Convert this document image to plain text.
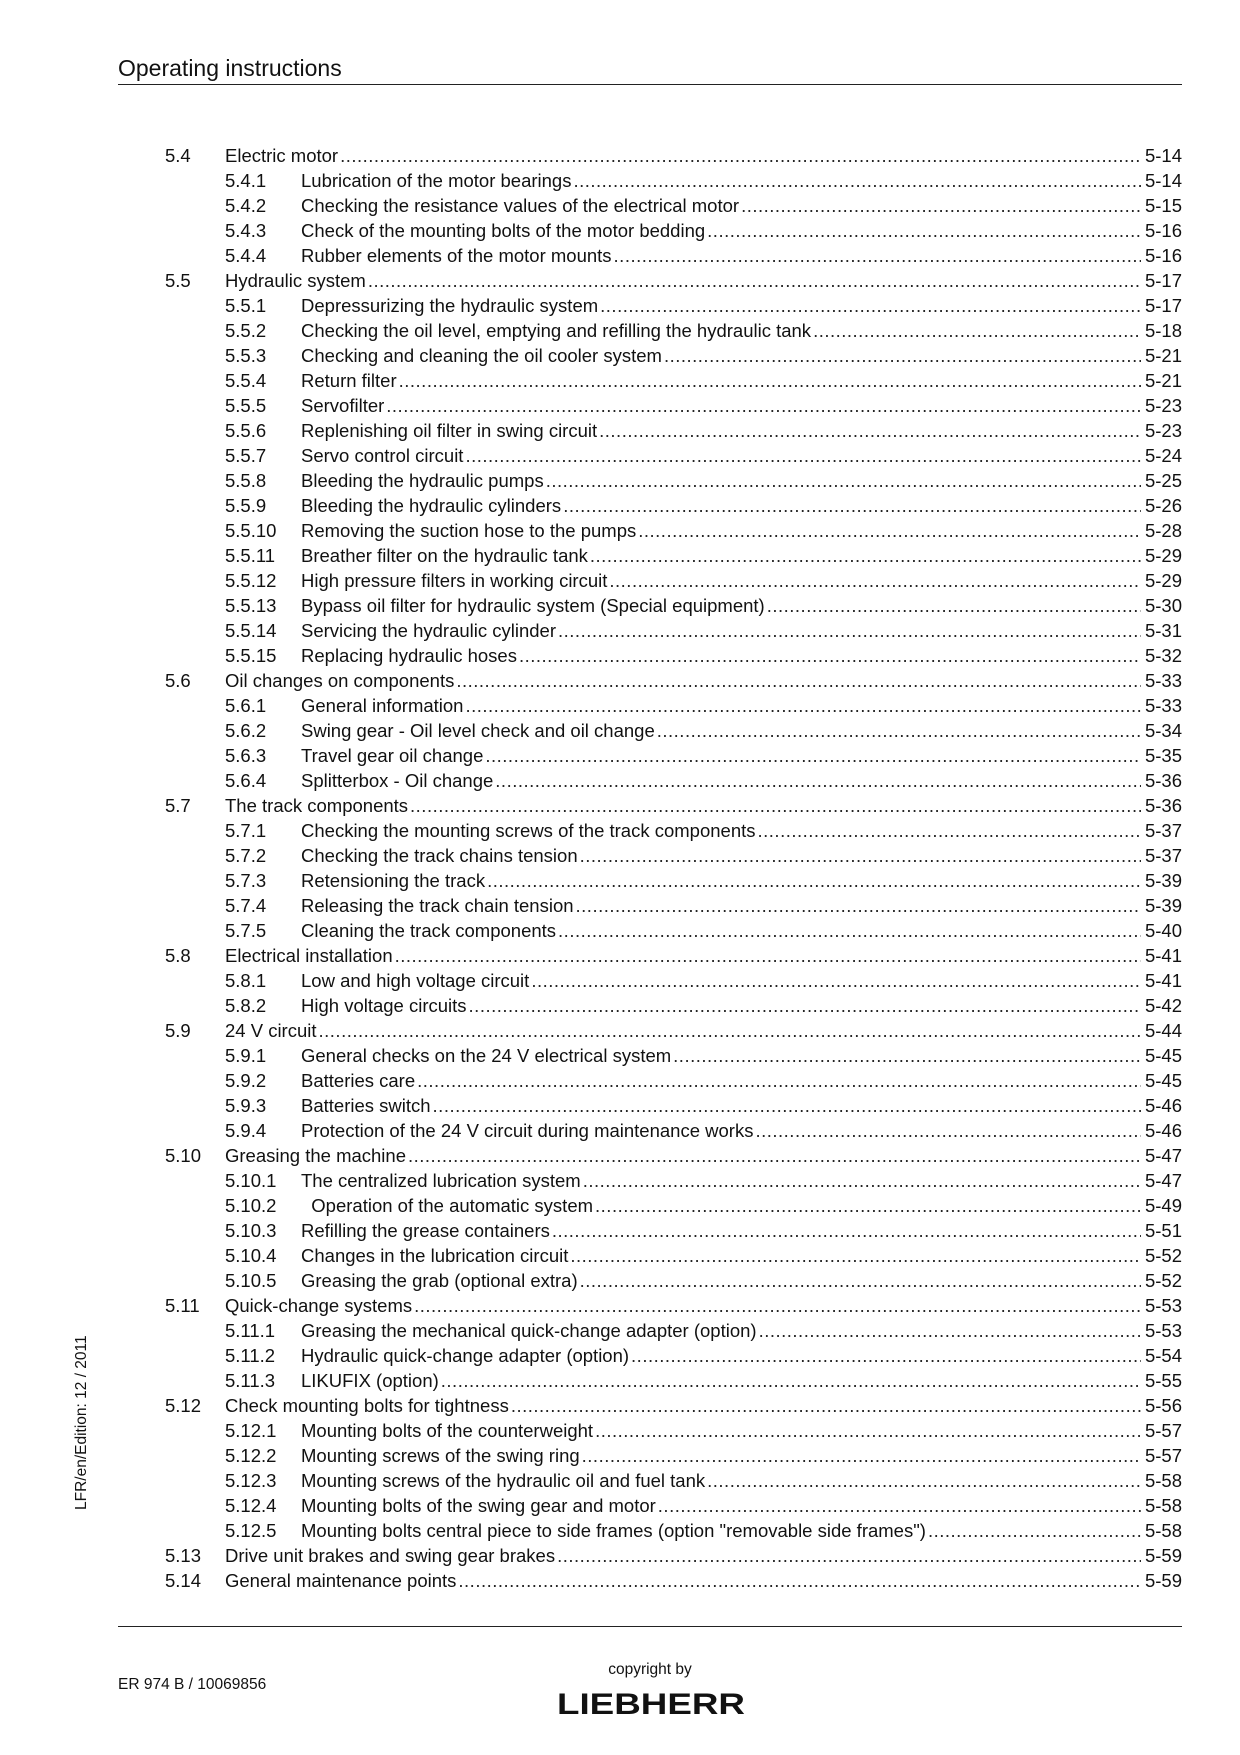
Operating instructions
5.4 Electric motor .....	5-14
5.4.1 Lubrication of the motor bearings .....	5-14
5.4.2 Checking the resistance values of the electrical motor .....	5-15
5.4.3 Check of the mounting bolts of the motor bedding .....	5-16
5.4.4 Rubber elements of the motor mounts .....	5-16
5.5 Hydraulic system .....	5-17
5.5.1 Depressurizing the hydraulic system .....	5-17
5.5.2 Checking the oil level, emptying and refilling the hydraulic tank .....	5-18
5.5.3 Checking and cleaning the oil cooler system .....	5-21
5.5.4 Return filter .....	5-21
5.5.5 Servofilter .....	5-23
5.5.6 Replenishing oil filter in swing circuit .....	5-23
5.5.7 Servo control circuit .....	5-24
5.5.8 Bleeding the hydraulic pumps .....	5-25
5.5.9 Bleeding the hydraulic cylinders .....	5-26
5.5.10 Removing the suction hose to the pumps .....	5-28
5.5.11 Breather filter on the hydraulic tank .....	5-29
5.5.12 High pressure filters in working circuit .....	5-29
5.5.13 Bypass oil filter for hydraulic system (Special equipment) .....	5-30
5.5.14 Servicing the hydraulic cylinder .....	5-31
5.5.15 Replacing hydraulic hoses .....	5-32
5.6 Oil changes on components .....	5-33
5.6.1 General information .....	5-33
5.6.2 Swing gear - Oil level check and oil change .....	5-34
5.6.3 Travel gear oil change .....	5-35
5.6.4 Splitterbox - Oil change .....	5-36
5.7 The track components .....	5-36
5.7.1 Checking the mounting screws of the track components .....	5-37
5.7.2 Checking the track chains tension .....	5-37
5.7.3 Retensioning the track .....	5-39
5.7.4 Releasing the track chain tension .....	5-39
5.7.5 Cleaning the track components .....	5-40
5.8 Electrical installation .....	5-41
5.8.1 Low and high voltage circuit .....	5-41
5.8.2 High voltage circuits .....	5-42
5.9 24 V circuit .....	5-44
5.9.1 General checks on the 24 V electrical system .....	5-45
5.9.2 Batteries care .....	5-45
5.9.3 Batteries switch .....	5-46
5.9.4 Protection of the 24 V circuit during maintenance works .....	5-46
5.10 Greasing the machine .....	5-47
5.10.1 The centralized lubrication system .....	5-47
5.10.2 Operation of the automatic system .....	5-49
5.10.3 Refilling the grease containers .....	5-51
5.10.4 Changes in the lubrication circuit .....	5-52
5.10.5 Greasing the grab (optional extra) .....	5-52
5.11 Quick-change systems .....	5-53
5.11.1 Greasing the mechanical quick-change adapter (option) .....	5-53
5.11.2 Hydraulic quick-change adapter (option) .....	5-54
5.11.3 LIKUFIX (option) .....	5-55
5.12 Check mounting bolts for tightness .....	5-56
5.12.1 Mounting bolts of the counterweight .....	5-57
5.12.2 Mounting screws of the swing ring .....	5-57
5.12.3 Mounting screws of the hydraulic oil and fuel tank .....	5-58
5.12.4 Mounting bolts of the swing gear and motor .....	5-58
5.12.5 Mounting bolts central piece to side frames (option "removable side frames") .....	5-58
5.13 Drive unit brakes and swing gear brakes .....	5-59
5.14 General maintenance points .....	5-59
LFR/en/Edition: 12 / 2011
ER 974 B / 10069856
copyright by
LIEBHERR
